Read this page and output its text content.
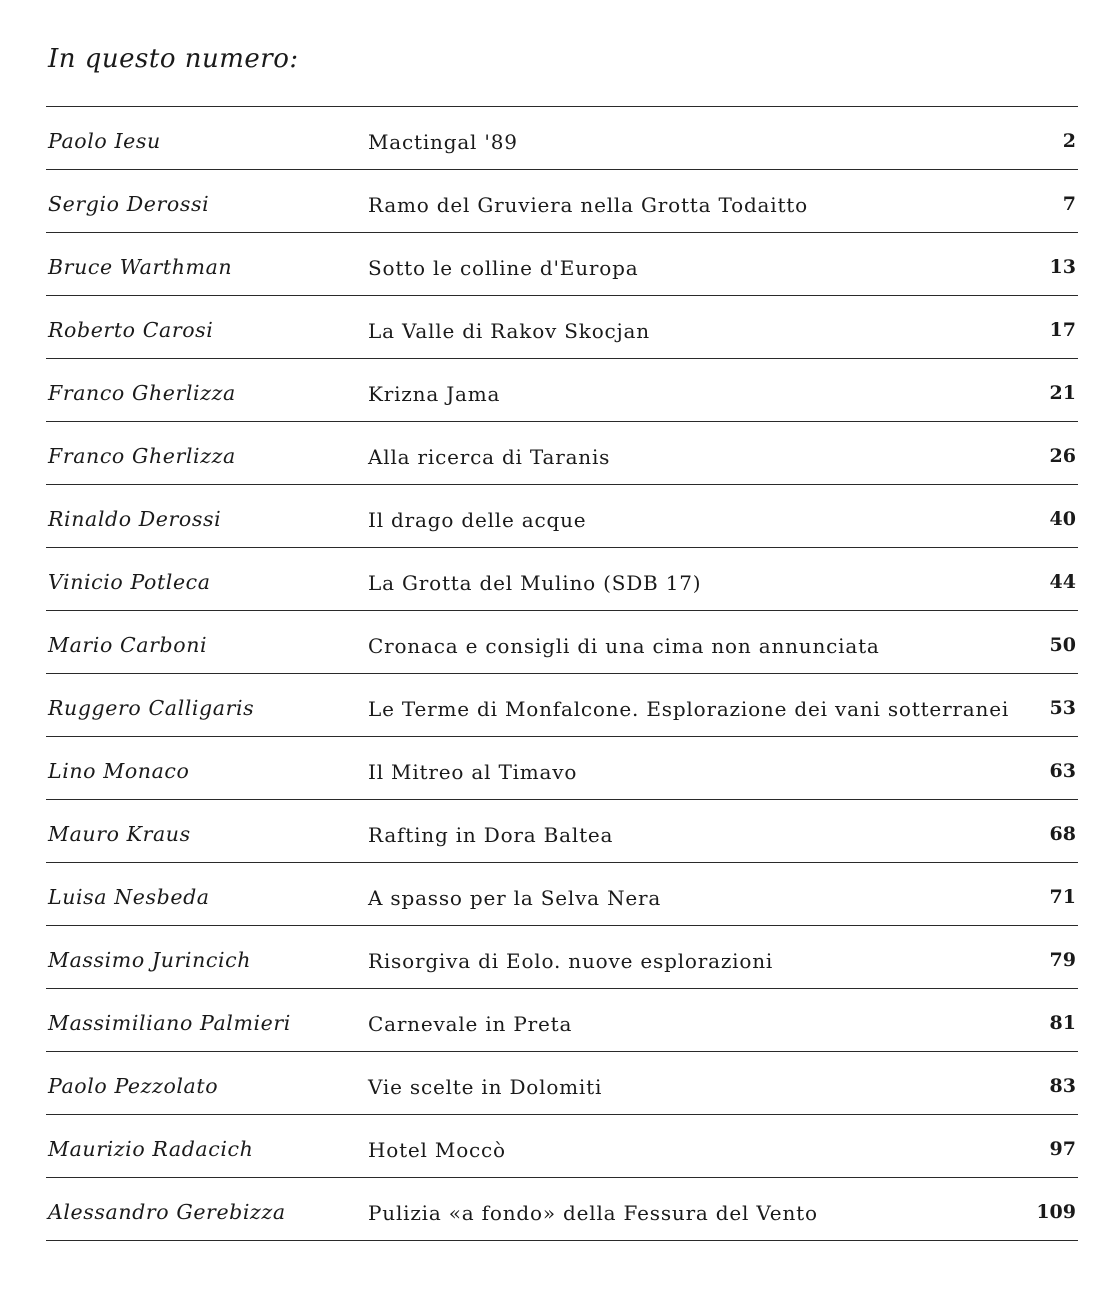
In questo numero:
Paolo Iesu	Mactingal '89	2
Sergio Derossi	Ramo del Gruviera nella Grotta Todaitto	7
Bruce Warthman	Sotto le colline d'Europa	13
Roberto Carosi	La Valle di Rakov Skocjan	17
Franco Gherlizza	Krizna Jama	21
Franco Gherlizza	Alla ricerca di Taranis	26
Rinaldo Derossi	Il drago delle acque	40
Vinicio Potleca	La Grotta del Mulino (SDB 17)	44
Mario Carboni	Cronaca e consigli di una cima non annunciata	50
Ruggero Calligaris	Le Terme di Monfalcone. Esplorazione dei vani sotterranei 53
Lino Monaco	Il Mitreo al Timavo	63
Mauro Kraus	Rafting in Dora Baltea	68
Luisa Nesbeda	A spasso per la Selva Nera	71
Massimo Jurincich	Risorgiva di Eolo. nuove esplorazioni	79
Massimiliano Palmieri	Carnevale in Preta	81
Paolo Pezzolato	Vie scelte in Dolomiti	83
Maurizio Radacich	Hotel Moccò	97
Alessandro Gerebizza	Pulizia «a fondo» della Fessura del Vento	109
